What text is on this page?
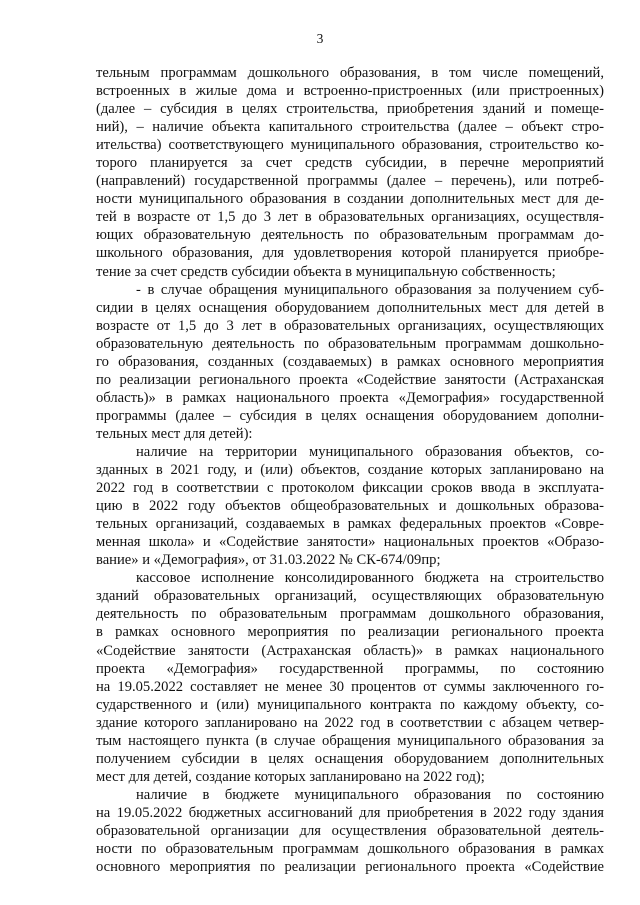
3
тельным программам дошкольного образования, в том числе помещений,
встроенных в жилые дома и встроенно-пристроенных (или пристроенных)
(далее – субсидия в целях строительства, приобретения зданий и помеще-
ний), – наличие объекта капитального строительства (далее – объект стро-
ительства) соответствующего муниципального образования, строительство ко-
торого планируется за счет средств субсидии, в перечне мероприятий
(направлений) государственной программы (далее – перечень), или потреб-
ности муниципального образования в создании дополнительных мест для де-
тей в возрасте от 1,5 до 3 лет в образовательных организациях, осуществля-
ющих образовательную деятельность по образовательным программам до-
школьного образования, для удовлетворения которой планируется приобре-
тение за счет средств субсидии объекта в муниципальную собственность;
- в случае обращения муниципального образования за получением суб-
сидии в целях оснащения оборудованием дополнительных мест для детей в
возрасте от 1,5 до 3 лет в образовательных организациях, осуществляющих
образовательную деятельность по образовательным программам дошкольно-
го образования, созданных (создаваемых) в рамках основного мероприятия
по реализации регионального проекта «Содействие занятости (Астраханская
область)» в рамках национального проекта «Демография» государственной
программы (далее – субсидия в целях оснащения оборудованием дополни-
тельных мест для детей):
наличие на территории муниципального образования объектов, со-
зданных в 2021 году, и (или) объектов, создание которых запланировано на
2022 год в соответствии с протоколом фиксации сроков ввода в эксплуата-
цию в 2022 году объектов общеобразовательных и дошкольных образова-
тельных организаций, создаваемых в рамках федеральных проектов «Совре-
менная школа» и «Содействие занятости» национальных проектов «Образо-
вание» и «Демография», от 31.03.2022 № СК-674/09пр;
кассовое исполнение консолидированного бюджета на строительство
зданий образовательных организаций, осуществляющих образовательную
деятельность по образовательным программам дошкольного образования,
в рамках основного мероприятия по реализации регионального проекта
«Содействие занятости (Астраханская область)» в рамках национального
проекта «Демография» государственной программы, по состоянию
на 19.05.2022 составляет не менее 30 процентов от суммы заключенного го-
сударственного и (или) муниципального контракта по каждому объекту, со-
здание которого запланировано на 2022 год в соответствии с абзацем четвер-
тым настоящего пункта (в случае обращения муниципального образования за
получением субсидии в целях оснащения оборудованием дополнительных
мест для детей, создание которых запланировано на 2022 год);
наличие в бюджете муниципального образования по состоянию
на 19.05.2022 бюджетных ассигнований для приобретения в 2022 году здания
образовательной организации для осуществления образовательной деятель-
ности по образовательным программам дошкольного образования в рамках
основного мероприятия по реализации регионального проекта «Содействие
